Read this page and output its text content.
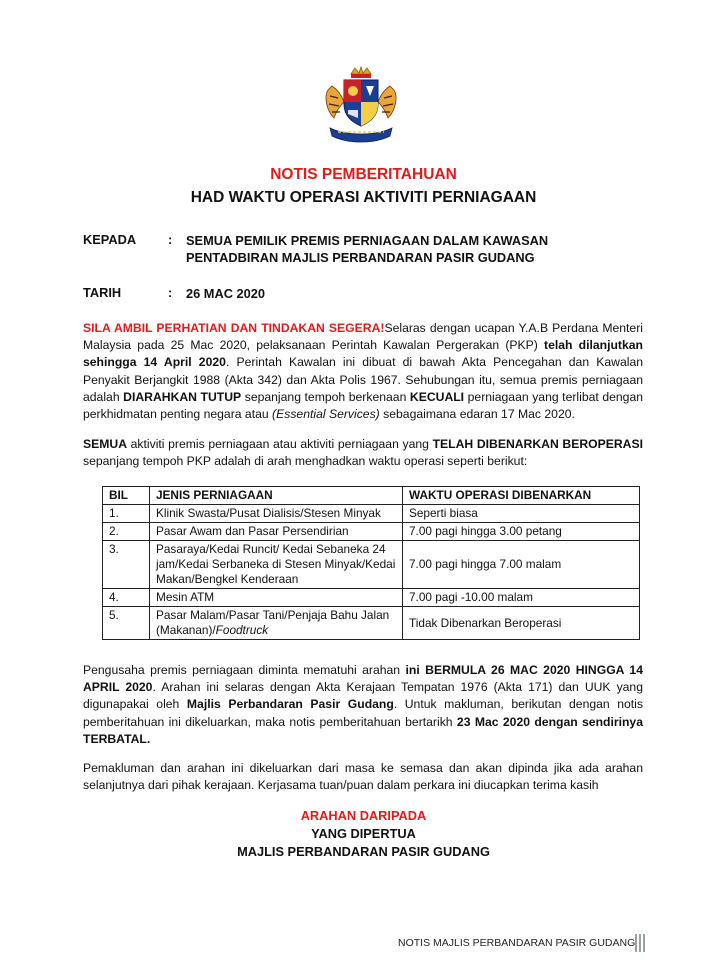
NOTIS PEMBERITAHUAN
HAD WAKTU OPERASI AKTIVITI PERNIAGAAN
KEPADA	: SEMUA PEMILIK PREMIS PERNIAGAAN DALAM KAWASAN
PENTADBIRAN MAJLIS PERBANDARAN PASIR GUDANG
TARIH	: 26 MAC 2020
SILA AMBIL PERHATIAN DAN TINDAKAN SEGERA!Selaras dengan ucapan Y.A.B Perdana Menteri Malaysia pada 25 Mac 2020, pelaksanaan Perintah Kawalan Pergerakan (PKP) telah dilanjutkan sehingga 14 April 2020. Perintah Kawalan ini dibuat di bawah Akta Pencegahan dan Kawalan Penyakit Berjangkit 1988 (Akta 342) dan Akta Polis 1967. Sehubungan itu, semua premis perniagaan adalah DIARAHKAN TUTUP sepanjang tempoh berkenaan KECUALI perniagaan yang terlibat dengan perkhidmatan penting negara atau (Essential Services) sebagaimana edaran 17 Mac 2020.
SEMUA aktiviti premis perniagaan atau aktiviti perniagaan yang TELAH DIBENARKAN BEROPERASI sepanjang tempoh PKP adalah di arah menghadkan waktu operasi seperti berikut:
BIL	JENIS PERNIAGAAN	WAKTU OPERASI DIBENARKAN
1.	Klinik Swasta/Pusat Dialisis/Stesen Minyak	Seperti biasa
2.	Pasar Awam dan Pasar Persendirian	7.00 pagi hingga 3.00 petang
3.	Pasaraya/Kedai Runcit/ Kedai Sebaneka 24 jam/Kedai Serbaneka di Stesen Minyak/Kedai Makan/Bengkel Kenderaan	7.00 pagi hingga 7.00 malam
4.	Mesin ATM	7.00 pagi -10.00 malam
5.	Pasar Malam/Pasar Tani/Penjaja Bahu Jalan (Makanan)/Foodtruck	Tidak Dibenarkan Beroperasi
Pengusaha premis perniagaan diminta mematuhi arahan ini BERMULA 26 MAC 2020 HINGGA 14 APRIL 2020. Arahan ini selaras dengan Akta Kerajaan Tempatan 1976 (Akta 171) dan UUK yang digunapakai oleh Majlis Perbandaran Pasir Gudang. Untuk makluman, berikutan dengan notis pemberitahuan ini dikeluarkan, maka notis pemberitahuan bertarikh 23 Mac 2020 dengan sendirinya TERBATAL.
Pemakluman dan arahan ini dikeluarkan dari masa ke semasa dan akan dipinda jika ada arahan selanjutnya dari pihak kerajaan. Kerjasama tuan/puan dalam perkara ini diucapkan terima kasih
ARAHAN DARIPADA
YANG DIPERTUA
MAJLIS PERBANDARAN PASIR GUDANG
NOTIS MAJLIS PERBANDARAN PASIR GUDANG
